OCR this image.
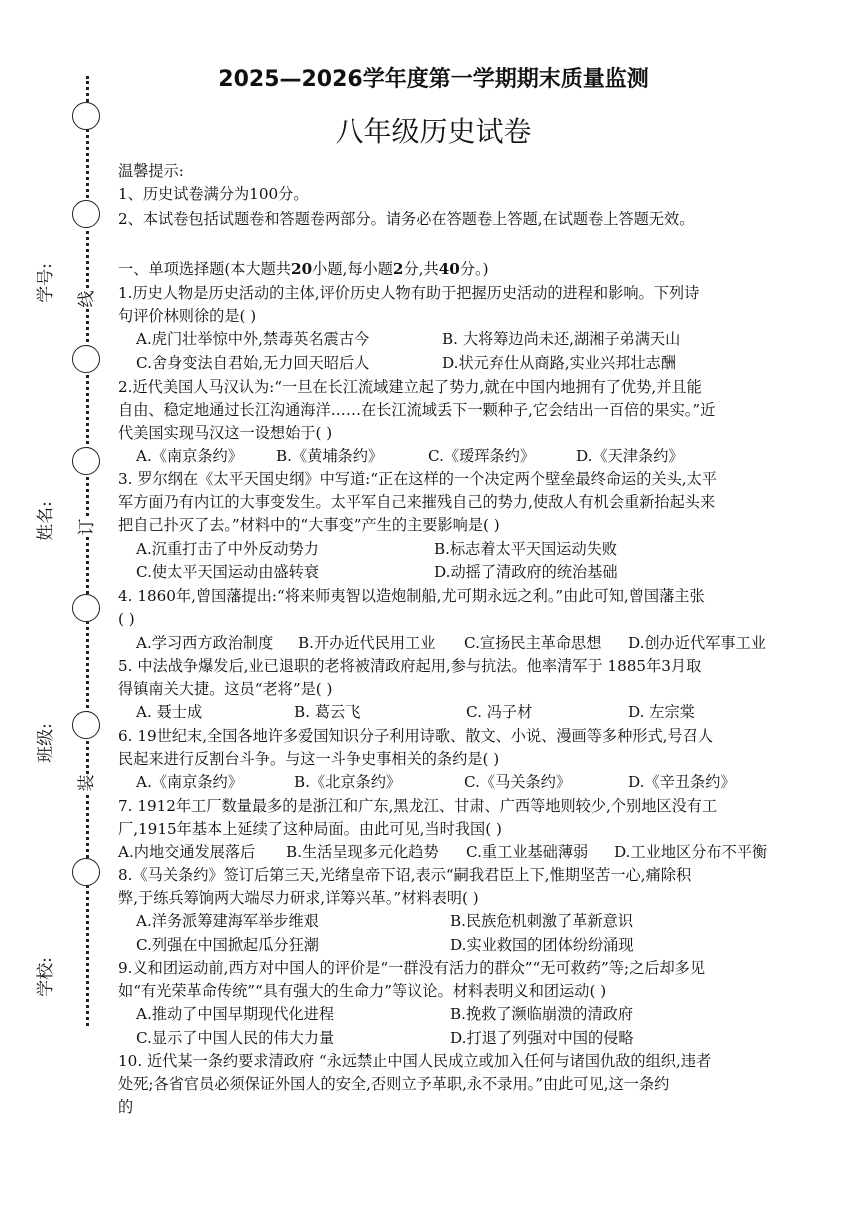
学号:
姓名:
班级:
学校:
线
订
装
2025—2026学年度第一学期期末质量监测
八年级历史试卷
温馨提示:
1、历史试卷满分为100分。
2、本试卷包括试题卷和答题卷两部分。请务必在答题卷上答题,在试题卷上答题无效。
一、单项选择题(本大题共20小题,每小题2分,共40分。)
1.历史人物是历史活动的主体,评价历史人物有助于把握历史活动的进程和影响。下列诗
句评价林则徐的是( )
A.虎门壮举惊中外,禁毒英名震古今	B. 大将筹边尚未还,湖湘子弟满天山
C.舍身变法自君始,无力回天昭后人	D.状元弃仕从商路,实业兴邦壮志酬
2.近代美国人马汉认为:“一旦在长江流域建立起了势力,就在中国内地拥有了优势,并且能
自由、稳定地通过长江沟通海洋……在长江流域丢下一颗种子,它会结出一百倍的果实。”近
代美国实现马汉这一设想始于( )
A.《南京条约》 B.《黄埔条约》	C.《瑷珲条约》	D.《天津条约》
3. 罗尔纲在《太平天国史纲》中写道:“正在这样的一个决定两个壁垒最终命运的关头,太平
军方面乃有内讧的大事变发生。太平军自己来摧残自己的势力,使敌人有机会重新抬起头来
把自己扑灭了去。”材料中的“大事变”产生的主要影响是( )
A.沉重打击了中外反动势力	B.标志着太平天国运动失败
C.使太平天国运动由盛转衰	D.动摇了清政府的统治基础
4. 1860年,曾国藩提出:“将来师夷智以造炮制船,尤可期永远之利。”由此可知,曾国藩主张
( )
A.学习西方政治制度 B.开办近代民用工业 C.宣扬民主革命思想 D.创办近代军事工业
5. 中法战争爆发后,业已退职的老将被清政府起用,参与抗法。他率清军于 1885年3月取
得镇南关大捷。这员“老将”是( )
A. 聂士成	B. 葛云飞	C. 冯子材	D. 左宗棠
6. 19世纪末,全国各地许多爱国知识分子利用诗歌、散文、小说、漫画等多种形式,号召人
民起来进行反割台斗争。与这一斗争史事相关的条约是( )
A.《南京条约》	B.《北京条约》	C.《马关条约》	D.《辛丑条约》
7. 1912年工厂数量最多的是浙江和广东,黑龙江、甘肃、广西等地则较少,个别地区没有工
厂,1915年基本上延续了这种局面。由此可见,当时我国( )
A.内地交通发展落后 B.生活呈现多元化趋势 C.重工业基础薄弱 D.工业地区分布不平衡
8.《马关条约》签订后第三天,光绪皇帝下诏,表示“嗣我君臣上下,惟期坚苦一心,痛除积
弊,于练兵筹饷两大端尽力研求,详筹兴革。”材料表明( )
A.洋务派筹建海军举步维艰	B.民族危机刺激了革新意识
C.列强在中国掀起瓜分狂潮	D.实业救国的团体纷纷涌现
9.义和团运动前,西方对中国人的评价是“一群没有活力的群众”“无可救药”等;之后却多见
如“有光荣革命传统”“具有强大的生命力”等议论。材料表明义和团运动( )
A.推动了中国早期现代化进程	B.挽救了濒临崩溃的清政府
C.显示了中国人民的伟大力量	D.打退了列强对中国的侵略
10. 近代某一条约要求清政府 “永远禁止中国人民成立或加入任何与诸国仇敌的组织,违者
处死;各省官员必须保证外国人的安全,否则立予革职,永不录用。”由此可见,这一条约
的
